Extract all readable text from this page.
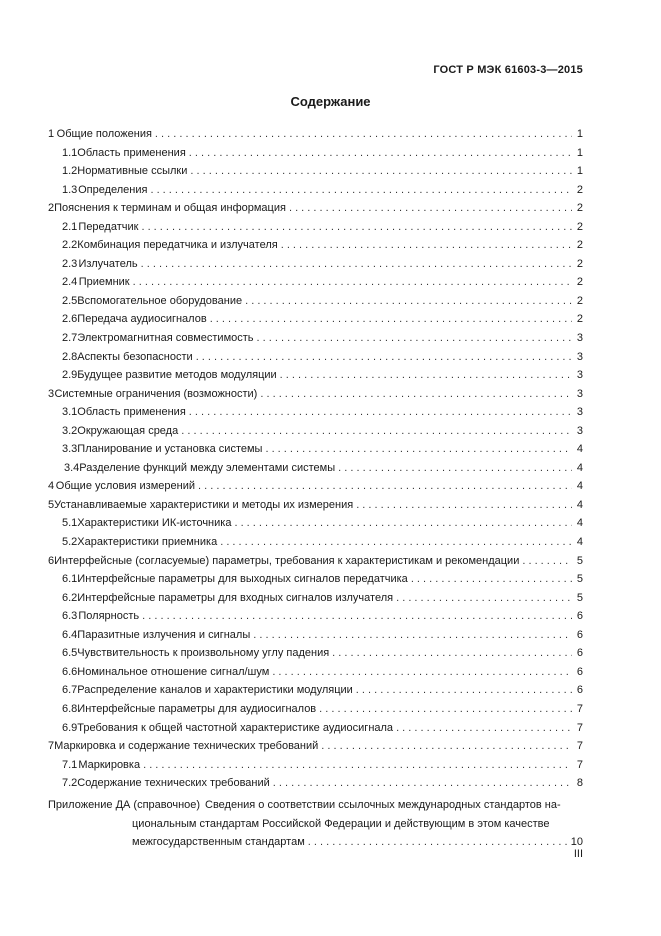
ГОСТ Р МЭК 61603-3—2015
Содержание
1 Общие положения . . .	1
1.1 Область применения . . .	1
1.2 Нормативные ссылки . . .	1
1.3 Определения . . .	2
2 Пояснения к терминам и общая информация . . .	2
2.1 Передатчик . . .	2
2.2 Комбинация передатчика и излучателя . . .	2
2.3 Излучатель . . .	2
2.4 Приемник . . .	2
2.5 Вспомогательное оборудование . . .	2
2.6 Передача аудиосигналов . . .	2
2.7 Электромагнитная совместимость . . .	3
2.8 Аспекты безопасности . . .	3
2.9 Будущее развитие методов модуляции . . .	3
3 Системные ограничения (возможности) . . .	3
3.1 Область применения . . .	3
3.2 Окружающая среда . . .	3
3.3 Планирование и установка системы . . .	4
3.4 Разделение функций между элементами системы . . .	4
4 Общие условия измерений . . .	4
5 Устанавливаемые характеристики и методы их измерения . . .	4
5.1 Характеристики ИК-источника . . .	4
5.2 Характеристики приемника . . .	4
6 Интерфейсные (согласуемые) параметры, требования к характеристикам и рекомендации . . .	5
6.1 Интерфейсные параметры для выходных сигналов передатчика . . .	5
6.2 Интерфейсные параметры для входных сигналов излучателя . . .	5
6.3 Полярность . . .	6
6.4 Паразитные излучения и сигналы . . .	6
6.5 Чувствительность к произвольному углу падения . . .	6
6.6 Номинальное отношение сигнал/шум . . .	6
6.7 Распределение каналов и характеристики модуляции . . .	6
6.8 Интерфейсные параметры для аудиосигналов . . .	7
6.9 Требования к общей частотной характеристике аудиосигнала . . .	7
7 Маркировка и содержание технических требований . . .	7
7.1 Маркировка . . .	7
7.2 Содержание технических требований . . .	8
Приложение ДА (справочное) Сведения о соответствии ссылочных международных стандартов на-
циональным стандартам Российской Федерации и действующим в этом качестве
межгосударственным стандартам . . .	10
III
